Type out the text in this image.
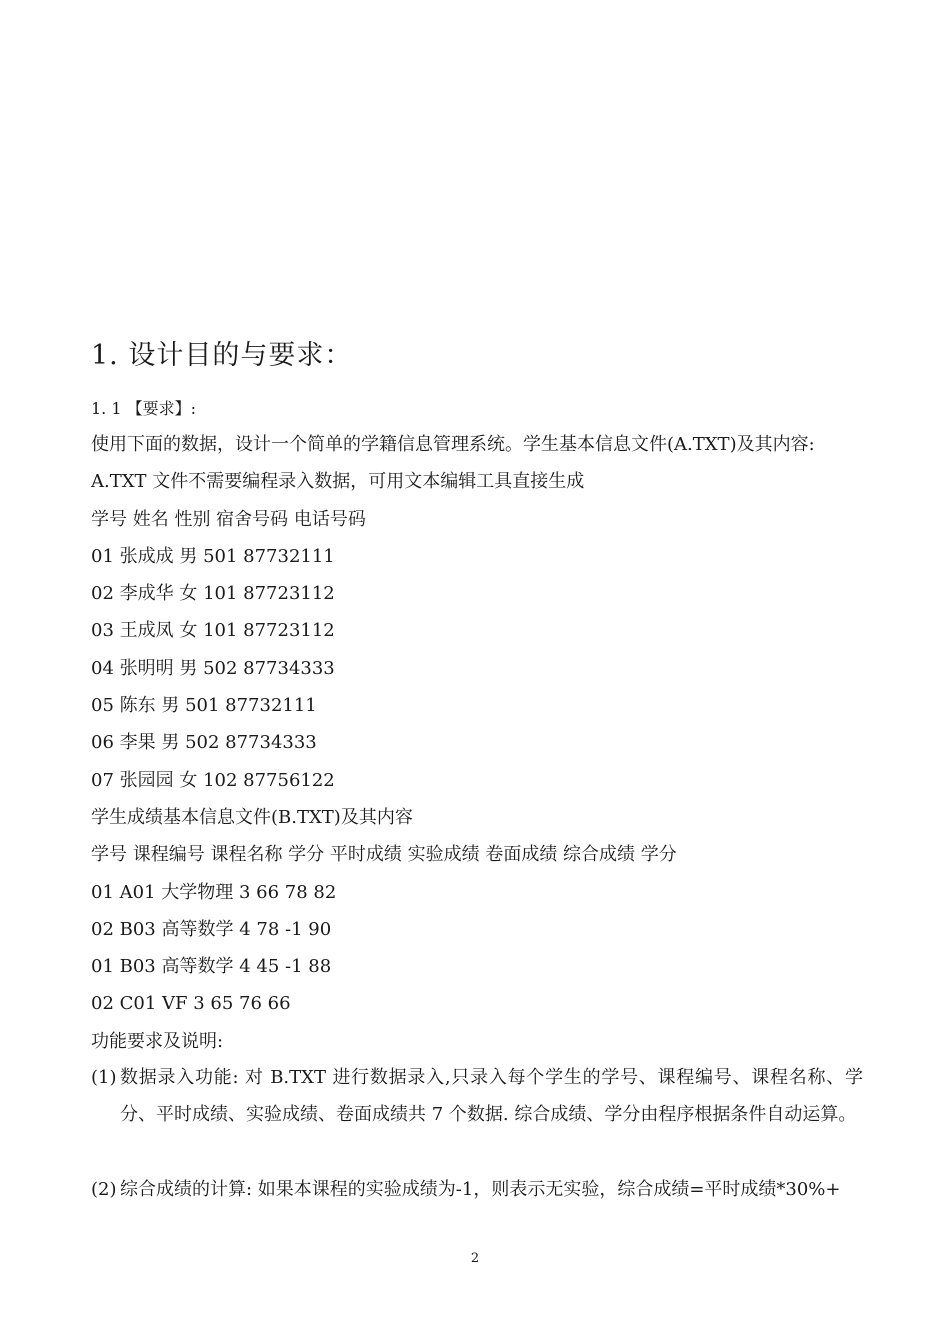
1. 设计目的与要求：
1. 1 【要求】:
使用下面的数据，设计一个简单的学籍信息管理系统。学生基本信息文件(A.TXT)及其内容:
A.TXT 文件不需要编程录入数据，可用文本编辑工具直接生成
学号 姓名 性别 宿舍号码 电话号码
01 张成成 男 501 87732111
02 李成华 女 101 87723112
03 王成凤 女 101 87723112
04 张明明 男 502 87734333
05 陈东 男 501 87732111
06 李果 男 502 87734333
07 张园园 女 102 87756122
学生成绩基本信息文件(B.TXT)及其内容
学号 课程编号 课程名称 学分 平时成绩 实验成绩 卷面成绩 综合成绩 学分
01 A01 大学物理 3 66 78 82
02 B03 高等数学 4 78 -1 90
01 B03 高等数学 4 45 -1 88
02 C01 VF 3 65 76 66
功能要求及说明:
(1) 数据录入功能: 对 B.TXT 进行数据录入,只录入每个学生的学号、课程编号、课程名称、学分、平时成绩、实验成绩、卷面成绩共 7 个数据. 综合成绩、学分由程序根据条件自动运算。
(2) 综合成绩的计算: 如果本课程的实验成绩为-1，则表示无实验，综合成绩=平时成绩*30%+
2
